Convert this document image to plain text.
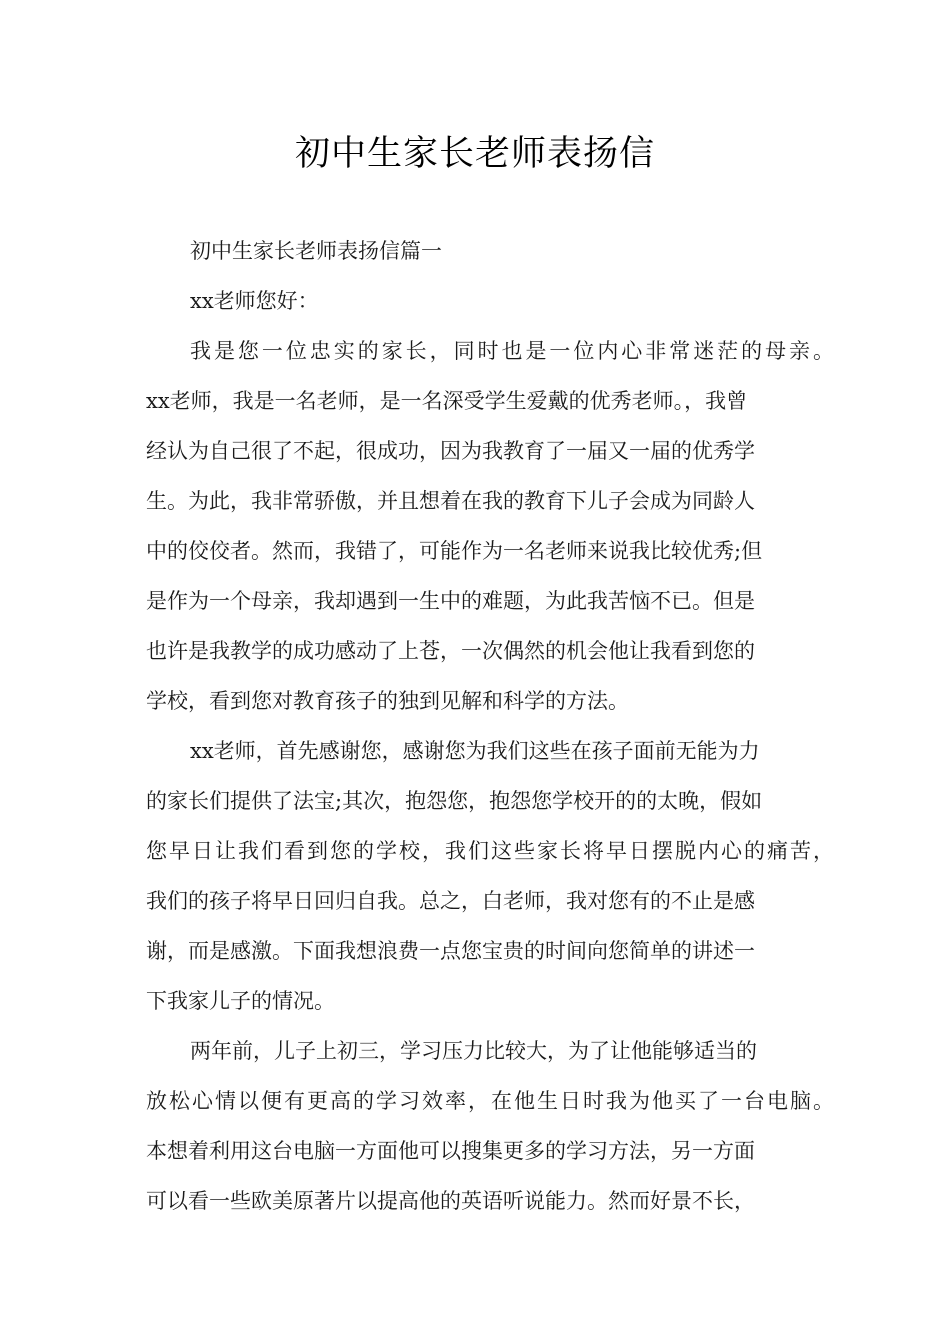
初中生家长老师表扬信
初中生家长老师表扬信篇一
xx老师您好：
我是您一位忠实的家长，同时也是一位内心非常迷茫的母亲。
xx老师，我是一名老师，是一名深受学生爱戴的优秀老师。，我曾
经认为自己很了不起，很成功，因为我教育了一届又一届的优秀学
生。为此，我非常骄傲，并且想着在我的教育下儿子会成为同龄人
中的佼佼者。然而，我错了，可能作为一名老师来说我比较优秀;但
是作为一个母亲，我却遇到一生中的难题，为此我苦恼不已。但是
也许是我教学的成功感动了上苍，一次偶然的机会他让我看到您的
学校，看到您对教育孩子的独到见解和科学的方法。
xx老师，首先感谢您，感谢您为我们这些在孩子面前无能为力
的家长们提供了法宝;其次，抱怨您，抱怨您学校开的的太晚，假如
您早日让我们看到您的学校，我们这些家长将早日摆脱内心的痛苦，
我们的孩子将早日回归自我。总之，白老师，我对您有的不止是感
谢，而是感激。下面我想浪费一点您宝贵的时间向您简单的讲述一
下我家儿子的情况。
两年前，儿子上初三，学习压力比较大，为了让他能够适当的
放松心情以便有更高的学习效率，在他生日时我为他买了一台电脑。
本想着利用这台电脑一方面他可以搜集更多的学习方法，另一方面
可以看一些欧美原著片以提高他的英语听说能力。然而好景不长，
